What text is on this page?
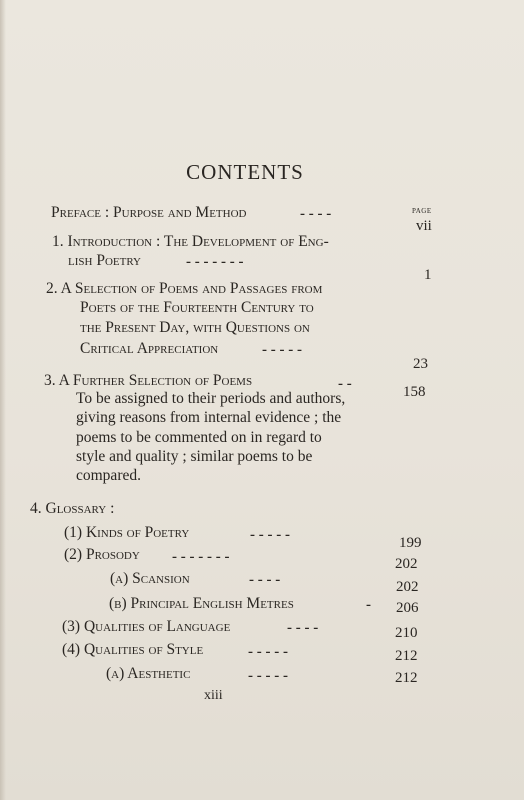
CONTENTS
PAGE
Preface : Purpose and Method	- - - -
vii
1. Introduction : The Development of Eng-
lish Poetry	- - - - - - -
1
2. A Selection of Poems and Passages from
Poets of the Fourteenth Century to
the Present Day, with Questions on
Critical Appreciation	- - - - -
23
3. A Further Selection of Poems	- -	158
To be assigned to their periods and authors,
giving reasons from internal evidence ; the
poems to be commented on in regard to
style and quality ; similar poems to be
compared.
4. Glossary :
(1) Kinds of Poetry	- - - - -	199
(2) Prosody - - - - - - -	202
(a) Scansion	- - - -	202
(b) Principal English Metres	- 206
(3) Qualities of Language	- - - -	210
(4) Qualities of Style	- - - - -	212
(a) Aesthetic	- - - - -	212
xiii
